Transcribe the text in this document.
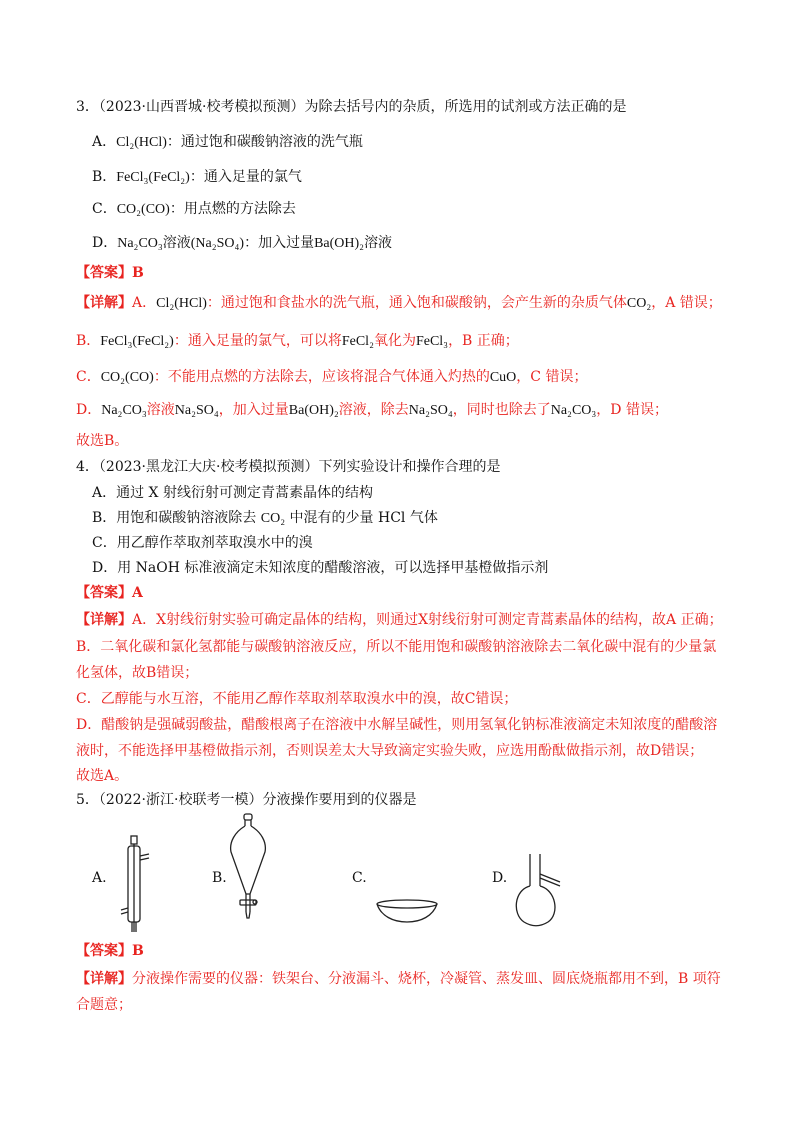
3．（2023·山西晋城·校考模拟预测）为除去括号内的杂质，所选用的试剂或方法正确的是
A．Cl₂(HCl)：通过饱和碳酸钠溶液的洗气瓶
B．FeCl₃(FeCl₂)：通入足量的氯气
C．CO₂(CO)：用点燃的方法除去
D．Na₂CO₃溶液(Na₂SO₄)：加入过量Ba(OH)₂溶液
【答案】B
【详解】A．Cl₂(HCl)：通过饱和食盐水的洗气瓶，通入饱和碳酸钠，会产生新的杂质气体CO₂，A 错误；
B．FeCl₃(FeCl₂)：通入足量的氯气，可以将FeCl₂氧化为FeCl₃，B 正确；
C．CO₂(CO)：不能用点燃的方法除去，应该将混合气体通入灼热的CuO，C 错误；
D．Na₂CO₃溶液Na₂SO₄，加入过量Ba(OH)₂溶液，除去Na₂SO₄，同时也除去了Na₂CO₃，D 错误；
故选B。
4．（2023·黑龙江大庆·校考模拟预测）下列实验设计和操作合理的是
A．通过 X 射线衍射可测定青蒿素晶体的结构
B．用饱和碳酸钠溶液除去 CO₂ 中混有的少量 HCl 气体
C．用乙醇作萃取剂萃取溴水中的溴
D．用 NaOH 标准液滴定未知浓度的醋酸溶液，可以选择甲基橙做指示剂
【答案】A
【详解】A．X射线衍射实验可确定晶体的结构，则通过X射线衍射可测定青蒿素晶体的结构，故A 正确；
B．二氧化碳和氯化氢都能与碳酸钠溶液反应，所以不能用饱和碳酸钠溶液除去二氧化碳中混有的少量氯
化氢体，故B错误；
C．乙醇能与水互溶，不能用乙醇作萃取剂萃取溴水中的溴，故C错误；
D．醋酸钠是强碱弱酸盐，醋酸根离子在溶液中水解呈碱性，则用氢氧化钠标准液滴定未知浓度的醋酸溶
液时，不能选择甲基橙做指示剂，否则误差太大导致滴定实验失败，应选用酚酞做指示剂，故D错误；
故选A。
5．（2022·浙江·校联考一模）分液操作要用到的仪器是
A.	B.	C.	D.
【答案】B
【详解】分液操作需要的仪器：铁架台、分液漏斗、烧杯，冷凝管、蒸发皿、圆底烧瓶都用不到，B 项符
合题意；
